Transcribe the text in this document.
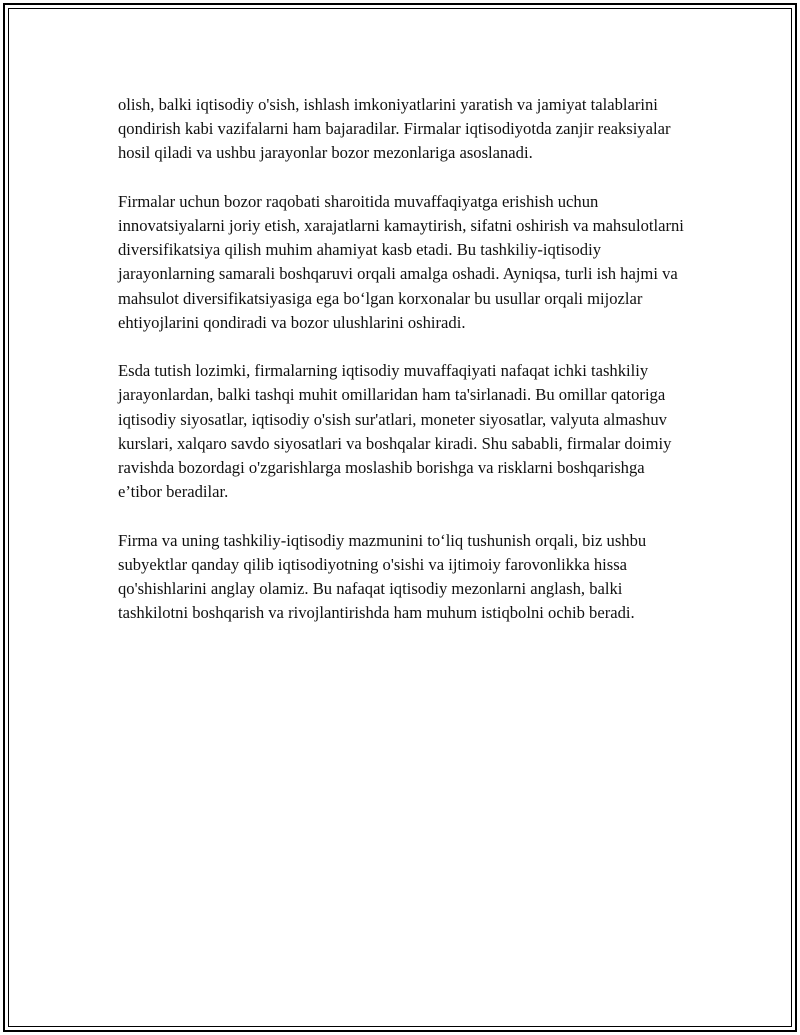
olish, balki iqtisodiy o'sish, ishlash imkoniyatlarini yaratish va jamiyat talablarini qondirish kabi vazifalarni ham bajaradilar. Firmalar iqtisodiyotda zanjir reaksiyalar hosil qiladi va ushbu jarayonlar bozor mezonlariga asoslanadi.

Firmalar uchun bozor raqobati sharoitida muvaffaqiyatga erishish uchun innovatsiyalarni joriy etish, xarajatlarni kamaytirish, sifatni oshirish va mahsulotlarni diversifikatsiya qilish muhim ahamiyat kasb etadi. Bu tashkiliy-iqtisodiy jarayonlarning samarali boshqaruvi orqali amalga oshadi. Ayniqsa, turli ish hajmi va mahsulot diversifikatsiyasiga ega bo‘lgan korxonalar bu usullar orqali mijozlar ehtiyojlarini qondiradi va bozor ulushlarini oshiradi.

Esda tutish lozimki, firmalarning iqtisodiy muvaffaqiyati nafaqat ichki tashkiliy jarayonlardan, balki tashqi muhit omillaridan ham ta'sirlanadi. Bu omillar qatoriga iqtisodiy siyosatlar, iqtisodiy o'sish sur'atlari, moneter siyosatlar, valyuta almashuv kurslari, xalqaro savdo siyosatlari va boshqalar kiradi. Shu sababli, firmalar doimiy ravishda bozordagi o'zgarishlarga moslashib borishga va risklarni boshqarishga e’tibor beradilar.

Firma va uning tashkiliy-iqtisodiy mazmunini to‘liq tushunish orqali, biz ushbu subyektlar qanday qilib iqtisodiyotning o'sishi va ijtimoiy farovonlikka hissa qo'shishlarini anglay olamiz. Bu nafaqat iqtisodiy mezonlarni anglash, balki tashkilotni boshqarish va rivojlantirishda ham muhum istiqbolni ochib beradi.
